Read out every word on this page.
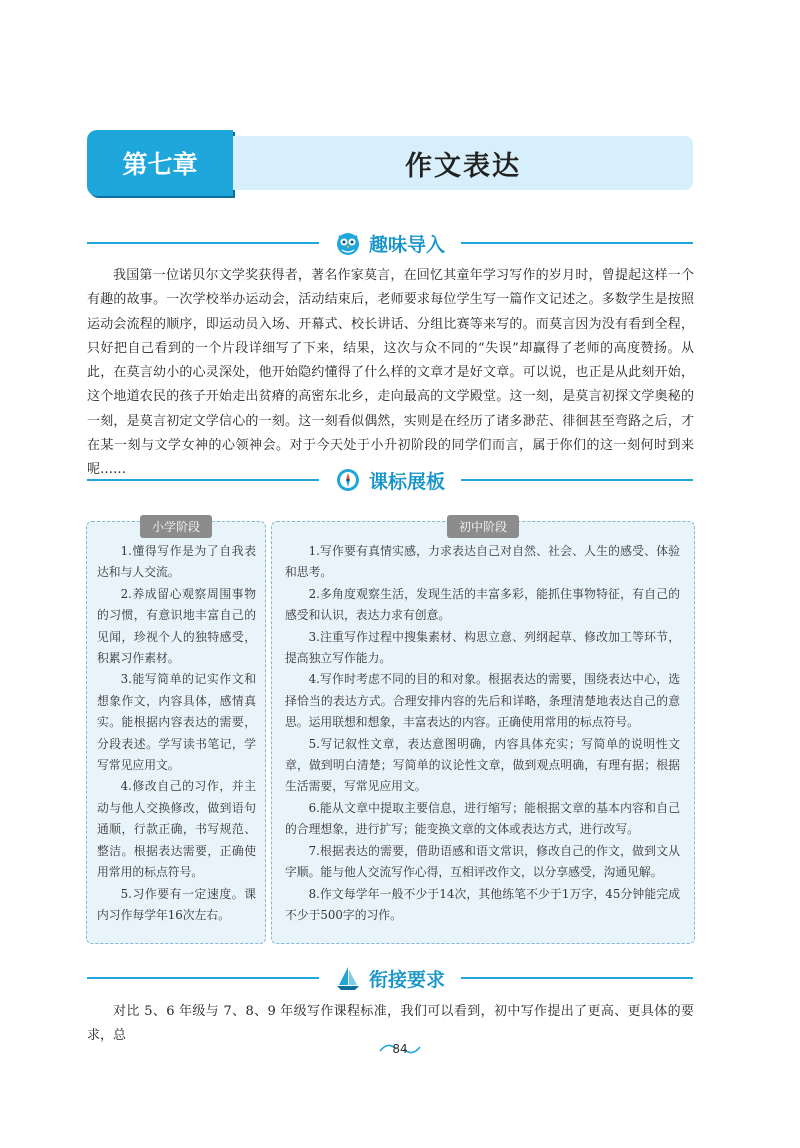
第七章	作文表达
趣味导入

我国第一位诺贝尔文学奖获得者，著名作家莫言，在回忆其童年学习写作的岁月时，曾提起这样一个有趣的故事。一次学校举办运动会，活动结束后，老师要求每位学生写一篇作文记述之。多数学生是按照运动会流程的顺序，即运动员入场、开幕式、校长讲话、分组比赛等来写的。而莫言因为没有看到全程，只好把自己看到的一个片段详细写了下来，结果，这次与众不同的“失误”却赢得了老师的高度赞扬。从此，在莫言幼小的心灵深处，他开始隐约懂得了什么样的文章才是好文章。可以说，也正是从此刻开始，这个地道农民的孩子开始走出贫瘠的高密东北乡，走向最高的文学殿堂。这一刻，是莫言初探文学奥秘的一刻，是莫言初定文学信心的一刻。这一刻看似偶然，实则是在经历了诸多渺茫、徘徊甚至弯路之后，才在某一刻与文学女神的心领神会。对于今天处于小升初阶段的同学们而言，属于你们的这一刻何时到来呢……

课标展板
小学阶段
1.懂得写作是为了自我表达和与人交流。
2.养成留心观察周围事物的习惯，有意识地丰富自己的见闻，珍视个人的独特感受，积累习作素材。
3.能写简单的记实作文和想象作文，内容具体，感情真实。能根据内容表达的需要，分段表述。学写读书笔记，学写常见应用文。
4.修改自己的习作，并主动与他人交换修改，做到语句通顺，行款正确，书写规范、整洁。根据表达需要，正确使用常用的标点符号。
5.习作要有一定速度。课内习作每学年16次左右。
初中阶段
1.写作要有真情实感，力求表达自己对自然、社会、人生的感受、体验和思考。
2.多角度观察生活，发现生活的丰富多彩，能抓住事物特征，有自己的感受和认识，表达力求有创意。
3.注重写作过程中搜集素材、构思立意、列纲起草、修改加工等环节，提高独立写作能力。
4.写作时考虑不同的目的和对象。根据表达的需要，围绕表达中心，选择恰当的表达方式。合理安排内容的先后和详略，条理清楚地表达自己的意思。运用联想和想象，丰富表达的内容。正确使用常用的标点符号。
5.写记叙性文章，表达意图明确，内容具体充实；写简单的说明性文章，做到明白清楚；写简单的议论性文章，做到观点明确，有理有据；根据生活需要，写常见应用文。
6.能从文章中提取主要信息，进行缩写；能根据文章的基本内容和自己的合理想象，进行扩写；能变换文章的文体或表达方式，进行改写。
7.根据表达的需要，借助语感和语文常识，修改自己的作文，做到文从字顺。能与他人交流写作心得，互相评改作文，以分享感受，沟通见解。
8.作文每学年一般不少于14次，其他练笔不少于1万字，45分钟能完成不少于500字的习作。
衔接要求

对比 5、6 年级与 7、8、9 年级写作课程标准，我们可以看到，初中写作提出了更高、更具体的要求，总

84
